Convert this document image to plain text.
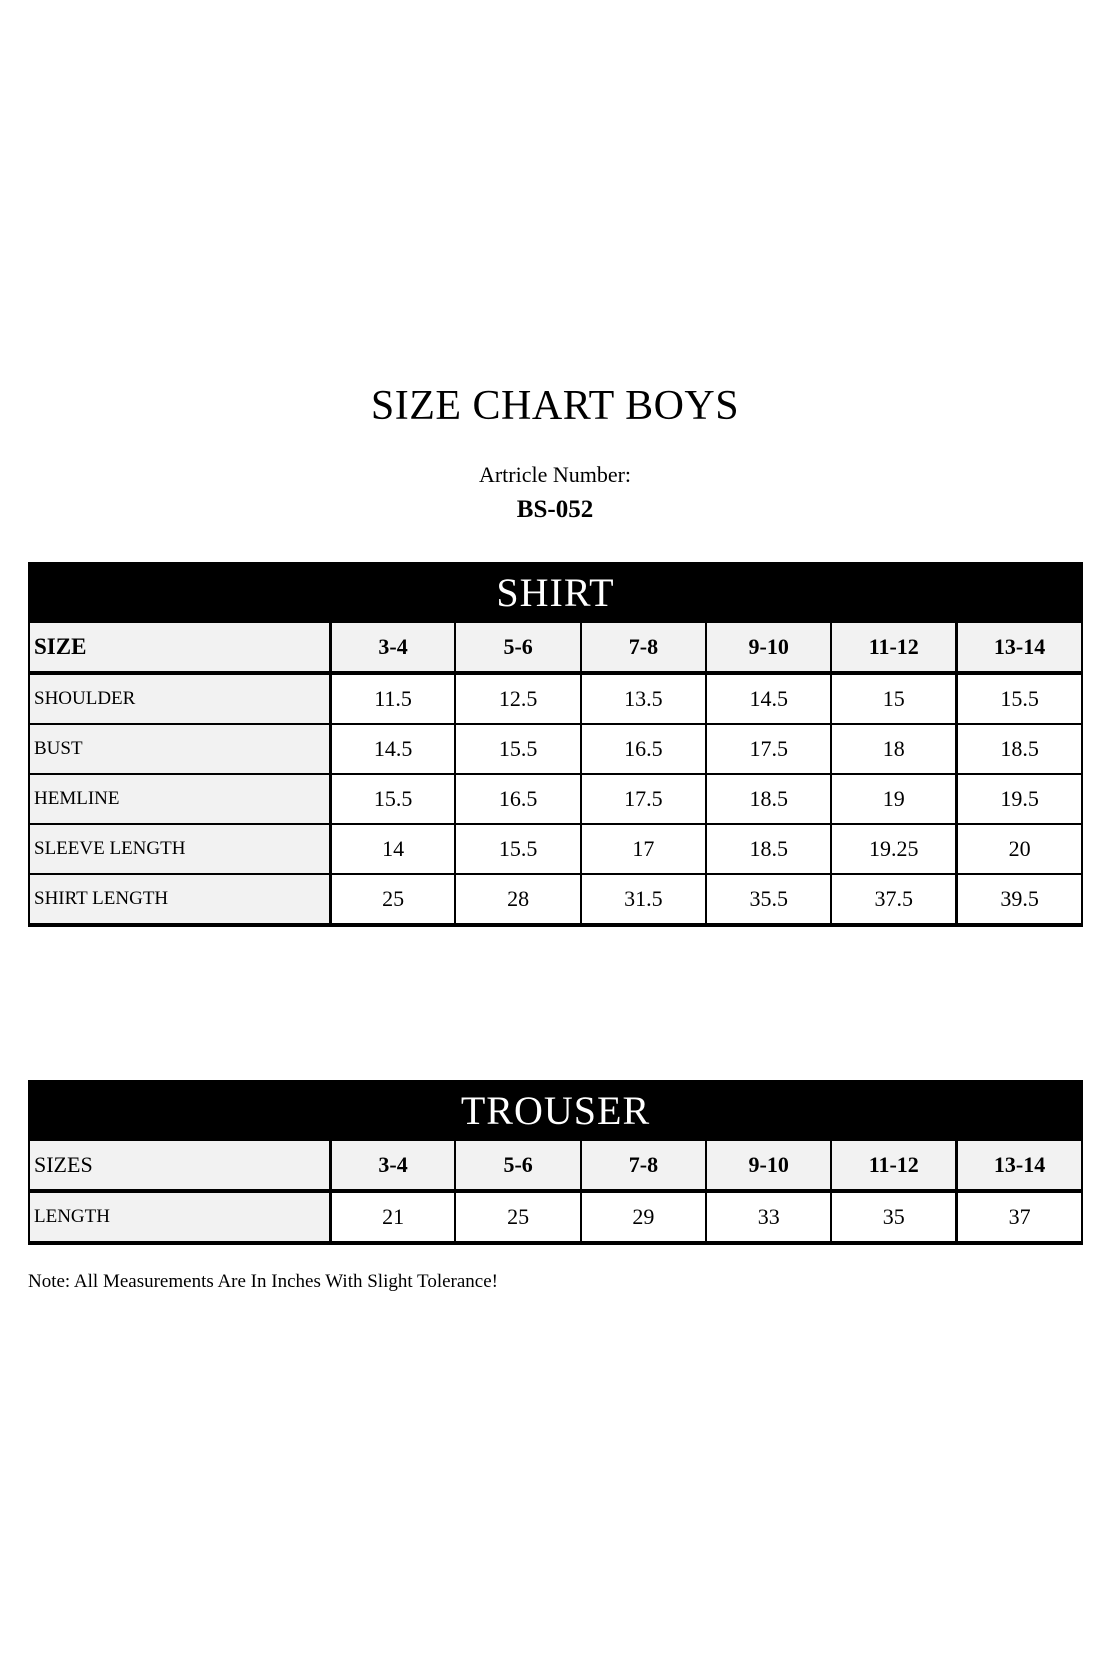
SIZE CHART BOYS
Artricle Number:
BS-052
SHIRT						
SIZE	3-4	5-6	7-8	9-10	11-12	13-14
SHOULDER	11.5	12.5	13.5	14.5	15	15.5
BUST	14.5	15.5	16.5	17.5	18	18.5
HEMLINE	15.5	16.5	17.5	18.5	19	19.5
SLEEVE LENGTH	14	15.5	17	18.5	19.25	20
SHIRT LENGTH	25	28	31.5	35.5	37.5	39.5
TROUSER						
SIZES	3-4	5-6	7-8	9-10	11-12	13-14
LENGTH	21	25	29	33	35	37
Note: All Measurements Are In Inches With Slight Tolerance!
